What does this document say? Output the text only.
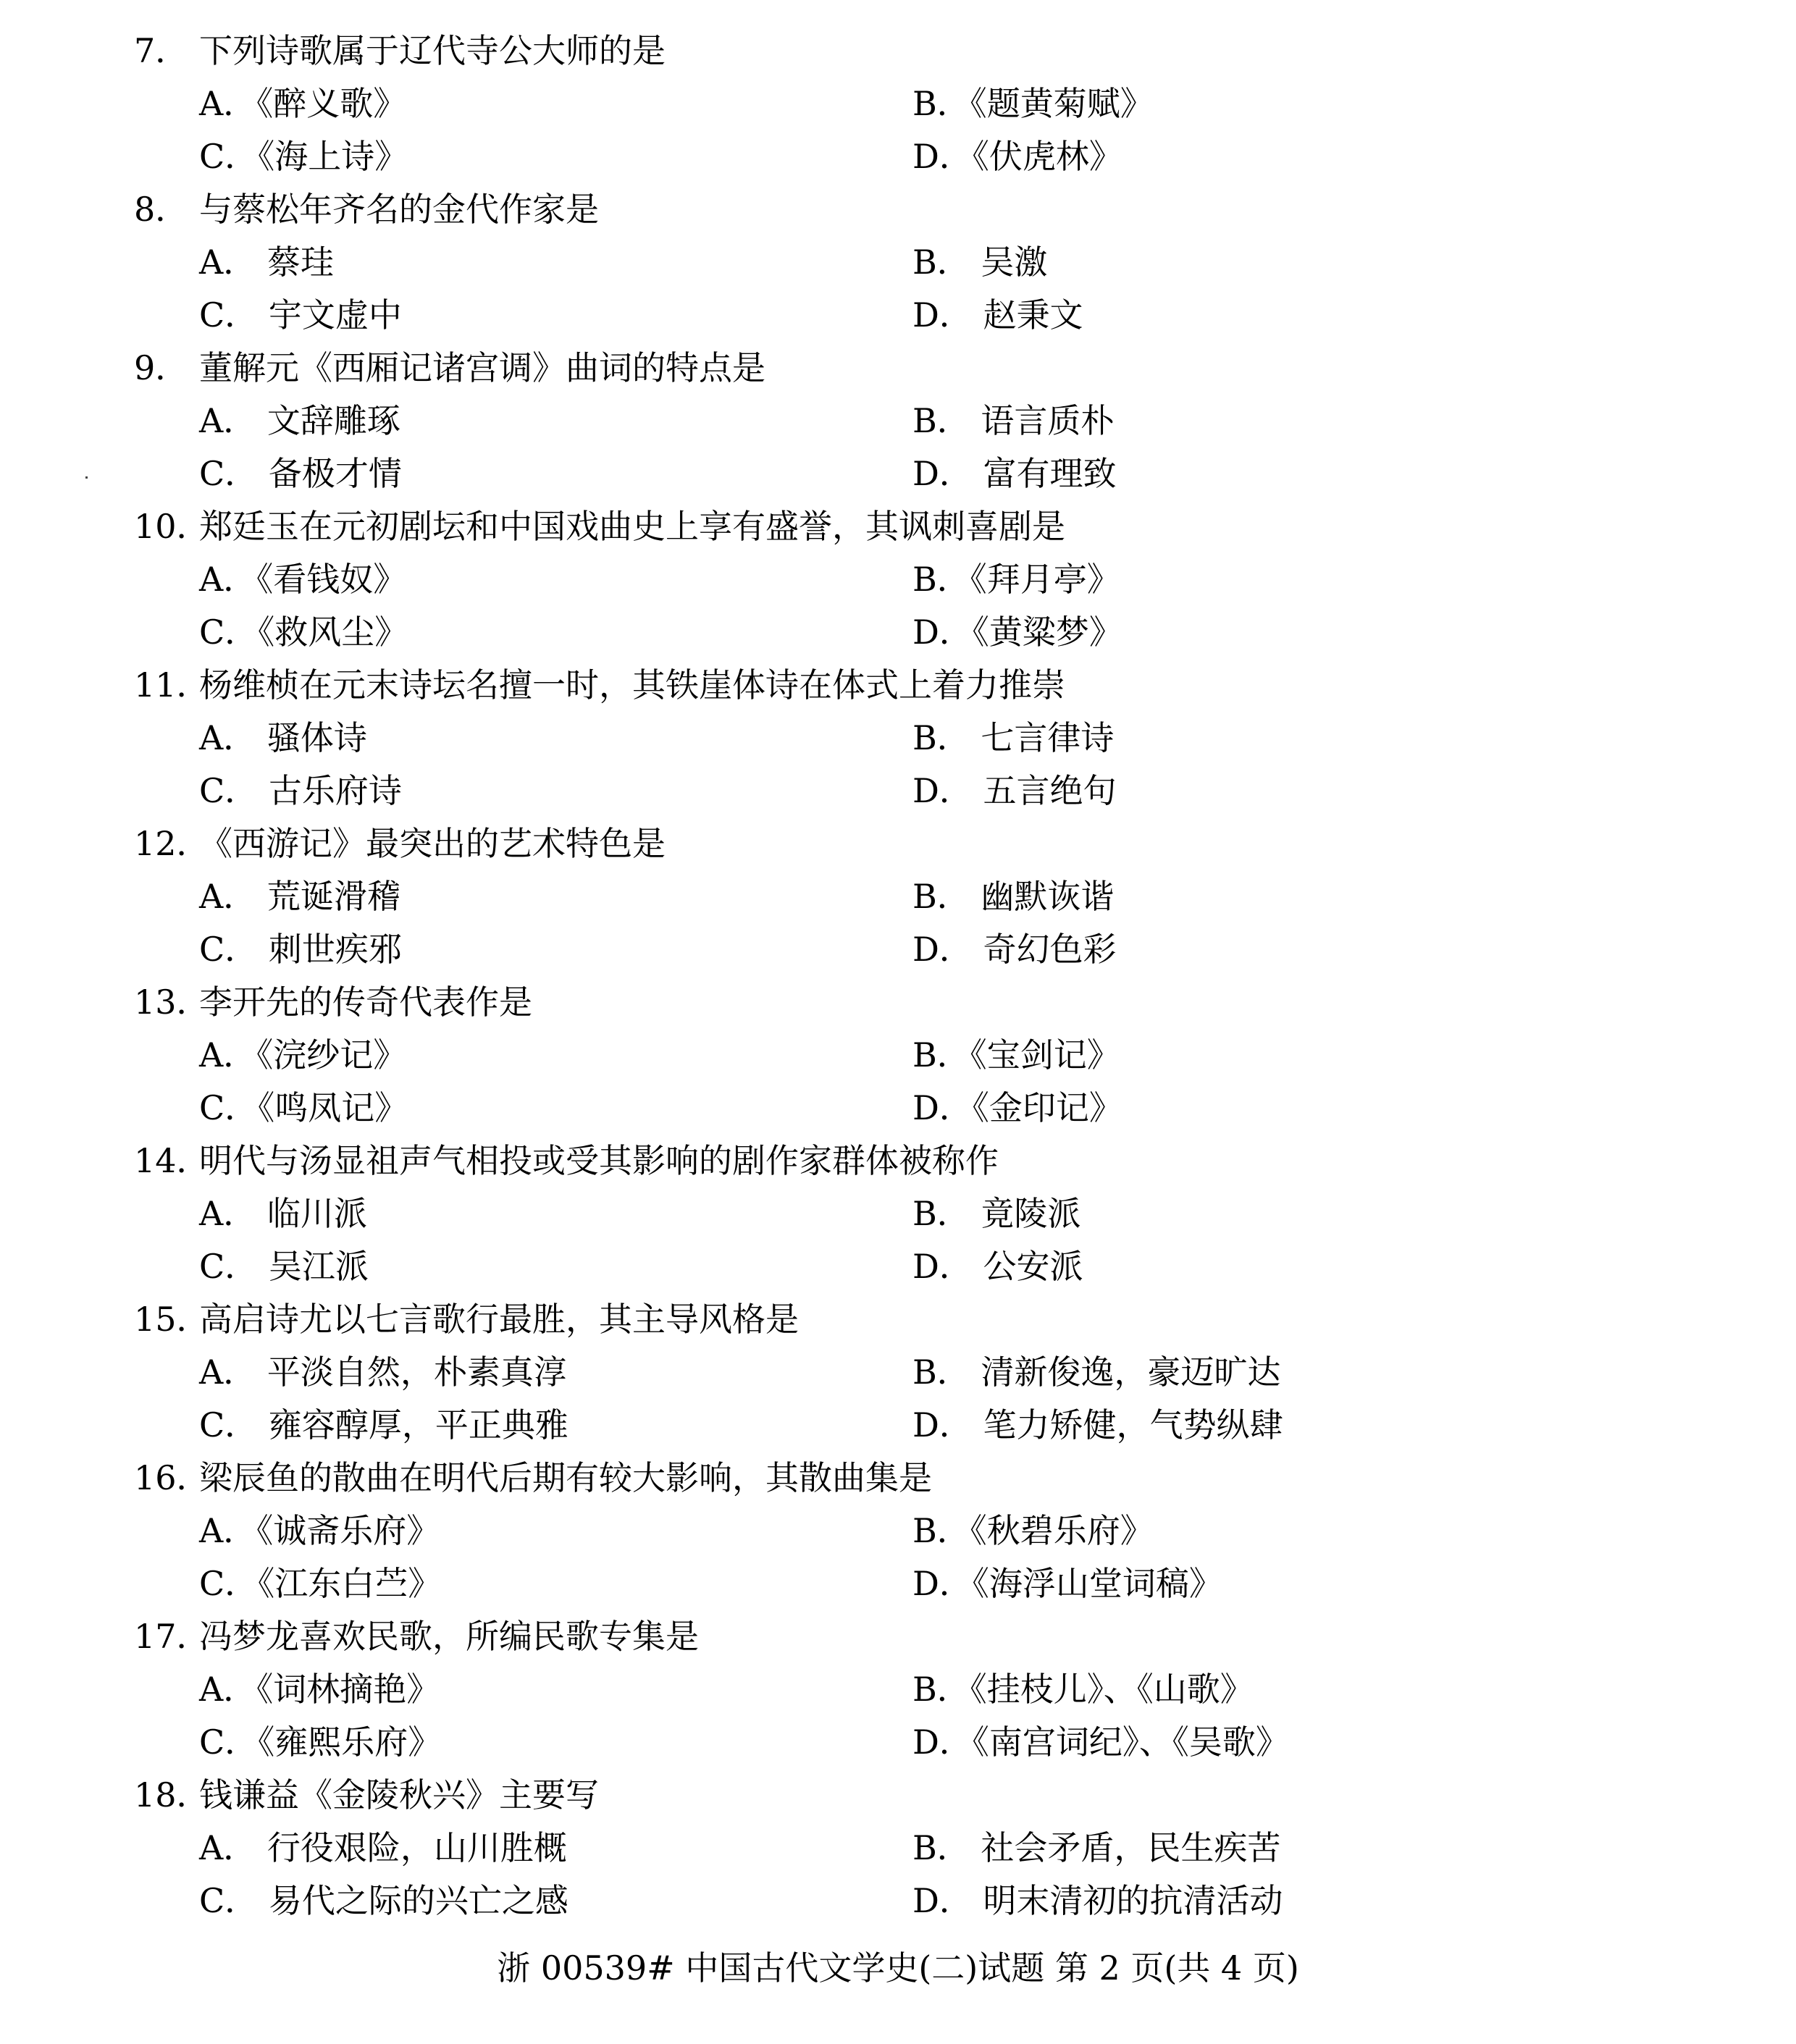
7． 下列诗歌属于辽代寺公大师的是
A．《醉义歌》	B．《题黄菊赋》
C．《海上诗》	D．《伏虎林》
8． 与蔡松年齐名的金代作家是
A． 蔡珪	B． 吴激
C． 宇文虚中	D． 赵秉文
9． 董解元《西厢记诸宫调》曲词的特点是
A． 文辞雕琢	B． 语言质朴
C． 备极才情	D． 富有理致
10．郑廷玉在元初剧坛和中国戏曲史上享有盛誉，其讽刺喜剧是
A．《看钱奴》	B．《拜月亭》
C．《救风尘》	D．《黄粱梦》
11．杨维桢在元末诗坛名擅一时，其铁崖体诗在体式上着力推崇
A． 骚体诗	B． 七言律诗
C． 古乐府诗	D． 五言绝句
12．《西游记》最突出的艺术特色是
A． 荒诞滑稽	B． 幽默诙谐
C． 刺世疾邪	D． 奇幻色彩
13．李开先的传奇代表作是
A．《浣纱记》	B．《宝剑记》
C．《鸣凤记》	D．《金印记》
14．明代与汤显祖声气相投或受其影响的剧作家群体被称作
A． 临川派	B． 竟陵派
C． 吴江派	D． 公安派
15．高启诗尤以七言歌行最胜，其主导风格是
A． 平淡自然，朴素真淳	B． 清新俊逸，豪迈旷达
C． 雍容醇厚，平正典雅	D． 笔力矫健，气势纵肆
16．梁辰鱼的散曲在明代后期有较大影响，其散曲集是
A．《诚斋乐府》	B．《秋碧乐府》
C．《江东白苎》	D．《海浮山堂词稿》
17．冯梦龙喜欢民歌，所编民歌专集是
A．《词林摘艳》	B．《挂枝儿》、《山歌》
C．《雍熙乐府》	D．《南宫词纪》、《吴歌》
18．钱谦益《金陵秋兴》主要写
A． 行役艰险，山川胜概	B． 社会矛盾，民生疾苦
C． 易代之际的兴亡之感	D． 明末清初的抗清活动
浙 00539# 中国古代文学史(二)试题 第 2 页(共 4 页)
